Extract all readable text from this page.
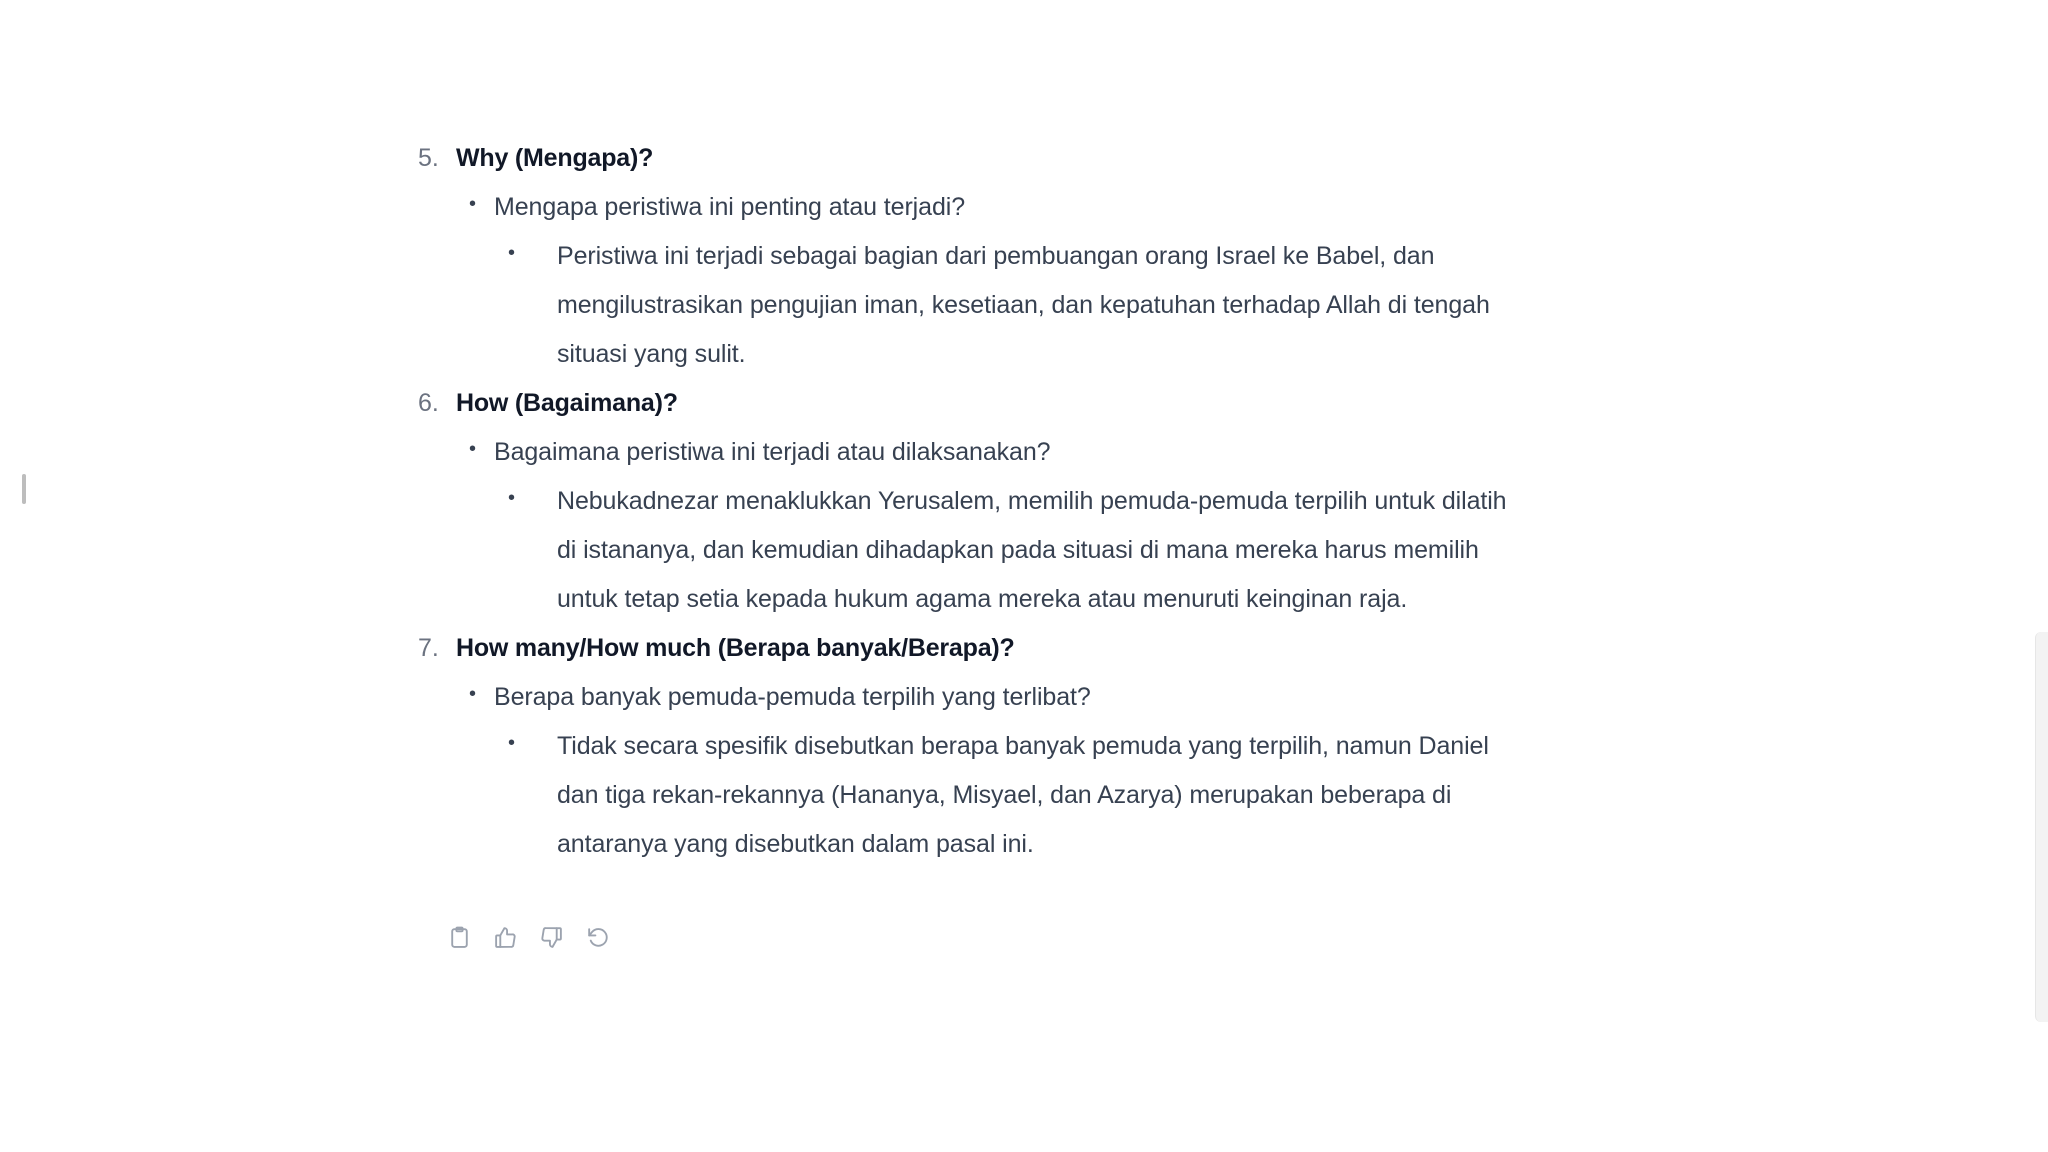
5. Why (Mengapa)?
• Mengapa peristiwa ini penting atau terjadi?
• Peristiwa ini terjadi sebagai bagian dari pembuangan orang Israel ke Babel, dan mengilustrasikan pengujian iman, kesetiaan, dan kepatuhan terhadap Allah di tengah situasi yang sulit.
6. How (Bagaimana)?
• Bagaimana peristiwa ini terjadi atau dilaksanakan?
• Nebukadnezar menaklukkan Yerusalem, memilih pemuda-pemuda terpilih untuk dilatih di istananya, dan kemudian dihadapkan pada situasi di mana mereka harus memilih untuk tetap setia kepada hukum agama mereka atau menuruti keinginan raja.
7. How many/How much (Berapa banyak/Berapa)?
• Berapa banyak pemuda-pemuda terpilih yang terlibat?
• Tidak secara spesifik disebutkan berapa banyak pemuda yang terpilih, namun Daniel dan tiga rekan-rekannya (Hananya, Misyael, dan Azarya) merupakan beberapa di antaranya yang disebutkan dalam pasal ini.
